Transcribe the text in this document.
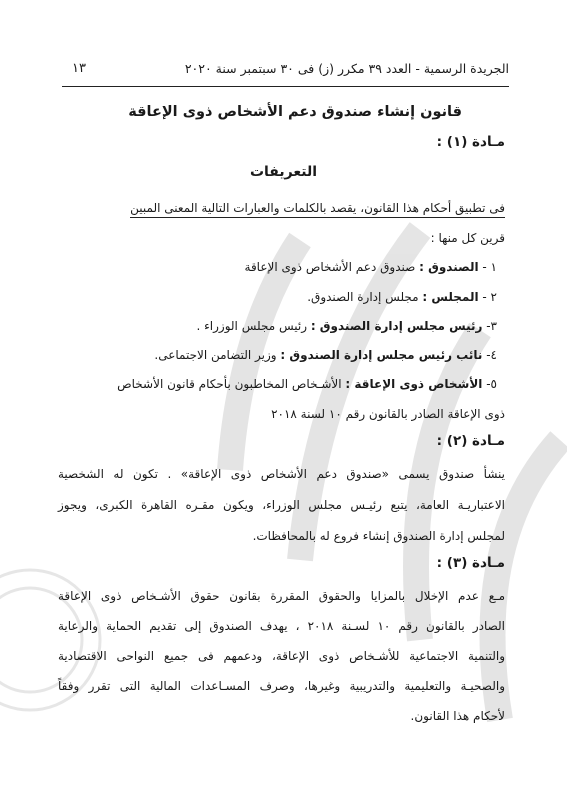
١٣	الجريدة الرسمية - العدد ٣٩ مكرر (ز) فى ٣٠ سبتمبر سنة ٢٠٢٠
قانون إنشاء صندوق دعم الأشخاص ذوى الإعاقة
مـادة (١) :
التعريفات
فى تطبيق أحكام هذا القانون، يقصد بالكلمات والعبارات التالية المعنى المبين
قرين كل منها :
١ - الصندوق : صندوق دعم الأشخاص ذوى الإعاقة
٢ - المجلس : مجلس إدارة الصندوق.
٣- رئيس مجلس إدارة الصندوق : رئيس مجلس الوزراء .
٤- نائب رئيس مجلس إدارة الصندوق : وزير التضامن الاجتماعى.
٥- الأشخاص ذوى الإعاقة : الأشـخاص المخاطبون بأحكام قانون الأشخاص
ذوى الإعاقة الصادر بالقانون رقم ١٠ لسنة ٢٠١٨
مـادة (٢) :
ينشأ صندوق يسمى «صندوق دعم الأشخاص ذوى الإعاقة» . تكون له الشخصية
الاعتباريـة العامة، يتبع رئيـس مجلس الوزراء، ويكون مقـره القاهرة الكبرى، ويجوز
لمجلس إدارة الصندوق إنشاء فروع له بالمحافظات.
مـادة (٣) :
مـع عدم الإخلال بالمزايا والحقوق المقررة بقانون حقوق الأشـخاص ذوى الإعاقة
الصادر بالقانون رقم ١٠ لسـنة ٢٠١٨ ، يهدف الصندوق إلى تقديم الحماية والرعاية
والتنمية الاجتماعية للأشـخاص ذوى الإعاقة، ودعمهم فى جميع النواحى الاقتصادية
والصحيـة والتعليمية والتدريبية وغيرها، وصرف المسـاعدات المالية التى تقرر وفقاً
لأحكام هذا القانون.
